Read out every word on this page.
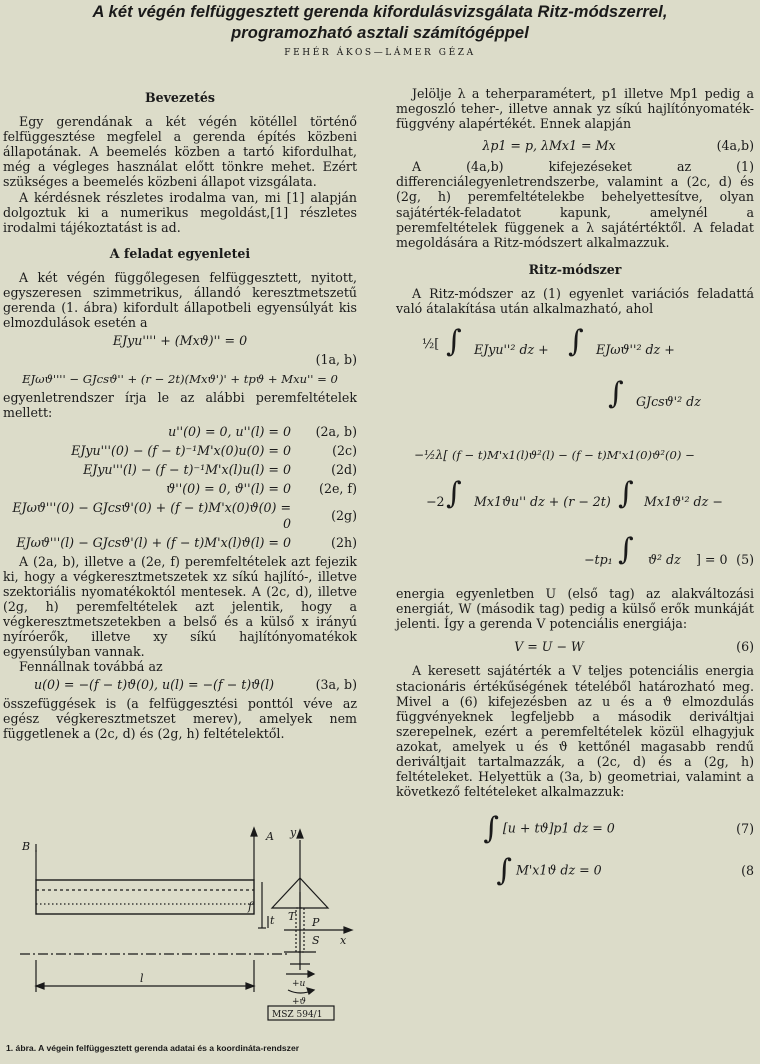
A két végén felfüggesztett gerenda kifordulásvizsgálata Ritz-módszerrel,
programozható asztali számítógéppel
FEHÉR ÁKOS—LÁMER GÉZA
Bevezetés

Egy gerendának a két végén kötéllel történő felfüggesztése megfelel a gerenda építés közbeni állapotának. A beemelés közben a tartó kifordulhat, még a végleges használat előtt tönkre mehet. Ezért szükséges a beemelés közbeni állapot vizsgálata.

A kérdésnek részletes irodalma van, mi [1] alapján dolgoztuk ki a numerikus megoldást,[1] részletes irodalmi tájékoztatást is ad.

A feladat egyenletei

A két végén függőlegesen felfüggesztett, nyitott, egyszeresen szimmetrikus, állandó keresztmetszetű gerenda (1. ábra) kifordult állapotbeli egyensúlyát kis elmozdulások esetén a

EJyu'''' + (Mxϑ)'' = 0
(1a, b)
EJωϑ'''' − GJcsϑ'' + (r − 2t)(Mxϑ')' + tpϑ + Mxu'' = 0

egyenletrendszer írja le az alábbi peremfeltételek mellett:

u''(0) = 0, u''(l) = 0	(2a, b)
EJyu'''(0) − (f − t)⁻¹M'x(0)u(0) = 0	(2c)
EJyu'''(l) − (f − t)⁻¹M'x(l)u(l) = 0	(2d)
ϑ''(0) = 0, ϑ''(l) = 0	(2e, f)
EJωϑ'''(0) − GJcsϑ'(0) + (f − t)M'x(0)ϑ(0) = 0
(2g)
EJωϑ'''(l) − GJcsϑ'(l) + (f − t)M'x(l)ϑ(l) = 0	(2h)

A (2a, b), illetve a (2e, f) peremfeltételek azt fejezik ki, hogy a végkeresztmetszetek xz síkú hajlító-, illetve szektoriális nyomatékoktól mentesek. A (2c, d), illetve (2g, h) peremfeltételek azt jelentik, hogy a végkeresztmetszetekben a belső és a külső x irányú nyíróerők, illetve xy síkú hajlítónyomatékok egyensúlyban vannak.

Fennállnak továbbá az

u(0) = −(f − t)ϑ(0), u(l) = −(f − t)ϑ(l)	(3a, b)

összefüggések is (a felfüggesztési ponttól véve az egész végkeresztmetszet merev), amelyek nem függetlenek a (2c, d) és (2g, h) feltételektől.

B
A y
f
t T P
S x
l	+u
+ϑ
MSZ 594/1
1. ábra. A végein felfüggesztett gerenda adatai és a koordináta-rendszer

Jelölje λ a teherparamétert, p1 illetve Mp1 pedig a megoszló teher-, illetve annak yz síkú hajlítónyomaték-függvény alapértékét. Ennek alapján

λp1 = p, λMx1 = Mx	(4a,b)

A (4a,b) kifejezéseket az (1) differenciálegyenletrendszerbe, valamint a (2c, d) és (2g, h) peremfeltételekbe behelyettesítve, olyan sajátérték-feladatot kapunk, amelynél a peremfeltételek függenek a λ sajátértéktől. A feladat megoldására a Ritz-módszert alkalmazzuk.

Ritz-módszer

A Ritz-módszer az (1) egyenlet variációs feladattá való átalakítása után alkalmazható, ahol

½[ ∫ EJyu''² dz + ∫ EJωϑ''² dz +
∫ GJcsϑ'² dz
−½λ[ (f − t)M'x1(l)ϑ²(l) − (f − t)M'x1(0)ϑ²(0) −
−2 ∫ Mx1ϑu'' dz + (r − 2t) ∫ Mx1ϑ'² dz −
−tp₁ ∫ ϑ² dz ] = 0 (5)

energia egyenletben U (első tag) az alakváltozási energiát, W (második tag) pedig a külső erők munkáját jelenti. Így a gerenda V potenciális energiája:

V = U − W	(6)

A keresett sajátérték a V teljes potenciális energia stacionáris értékűségének tételéből határozható meg. Mivel a (6) kifejezésben az u és a ϑ elmozdulás függvényeknek legfeljebb a második deriváltjai szerepelnek, ezért a peremfeltételek közül elhagyjuk azokat, amelyek u és ϑ kettőnél magasabb rendű deriváltjait tartalmazzák, a (2c, d) és a (2g, h) feltételeket. Helyettük a (3a, b) geometriai, valamint a következő feltételeket alkalmazzuk:

∫ [u + tϑ]p1 dz = 0	(7)
∫ M'x1ϑ dz = 0	(8
